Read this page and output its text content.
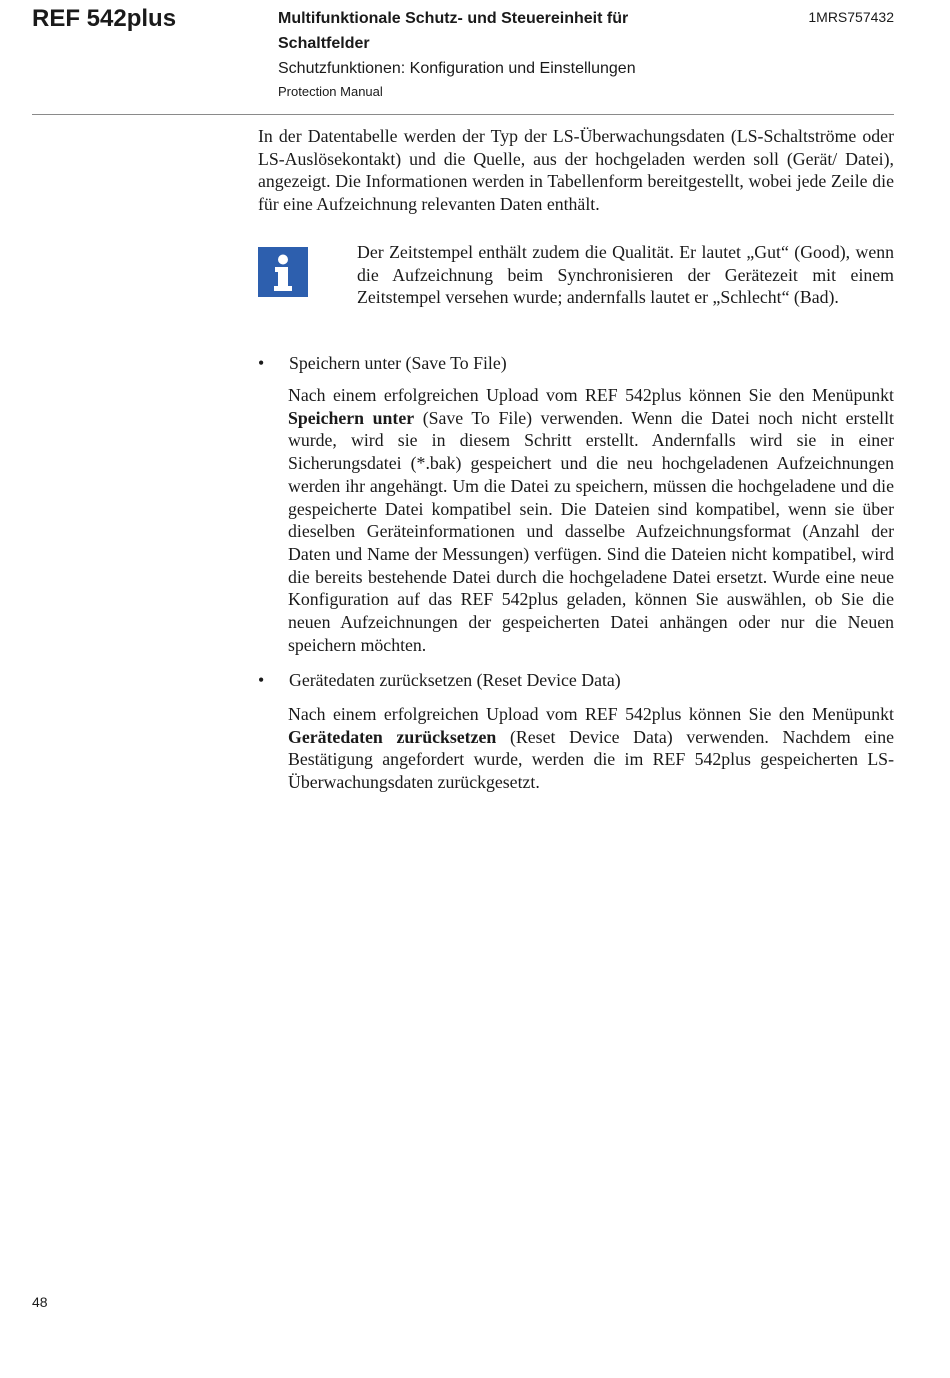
REF 542plus	Multifunktionale Schutz- und Steuereinheit für Schaltfelder
Schutzfunktionen: Konfiguration und Einstellungen
Protection Manual
1MRS757432
In der Datentabelle werden der Typ der LS-Überwachungsdaten (LS-Schaltströme oder LS-Auslösekontakt) und die Quelle, aus der hochgeladen werden soll (Gerät/ Datei), angezeigt. Die Informationen werden in Tabellenform bereitgestellt, wobei jede Zeile die für eine Aufzeichnung relevanten Daten enthält.
Der Zeitstempel enthält zudem die Qualität. Er lautet „Gut“ (Good), wenn die Aufzeichnung beim Synchronisieren der Gerätezeit mit einem Zeitstempel versehen wurde; andernfalls lautet er „Schlecht“ (Bad).
• Speichern unter (Save To File)
Nach einem erfolgreichen Upload vom REF 542plus können Sie den Menüpunkt Speichern unter (Save To File) verwenden. Wenn die Datei noch nicht erstellt wurde, wird sie in diesem Schritt erstellt. Andernfalls wird sie in einer Sicherungsdatei (*.bak) gespeichert und die neu hochgeladenen Aufzeichnungen werden ihr angehängt. Um die Datei zu speichern, müssen die hochgeladene und die gespeicherte Datei kompatibel sein. Die Dateien sind kompatibel, wenn sie über dieselben Geräteinformationen und dasselbe Aufzeichnungsformat (Anzahl der Daten und Name der Messungen) verfügen. Sind die Dateien nicht kompatibel, wird die bereits bestehende Datei durch die hochgeladene Datei ersetzt. Wurde eine neue Konfiguration auf das REF 542plus geladen, können Sie auswählen, ob Sie die neuen Aufzeichnungen der gespeicherten Datei anhängen oder nur die Neuen speichern möchten.
• Gerätedaten zurücksetzen (Reset Device Data)
Nach einem erfolgreichen Upload vom REF 542plus können Sie den Menüpunkt Gerätedaten zurücksetzen (Reset Device Data) verwenden. Nachdem eine Bestätigung angefordert wurde, werden die im REF 542plus gespeicherten LS-Überwachungsdaten zurückgesetzt.
48
